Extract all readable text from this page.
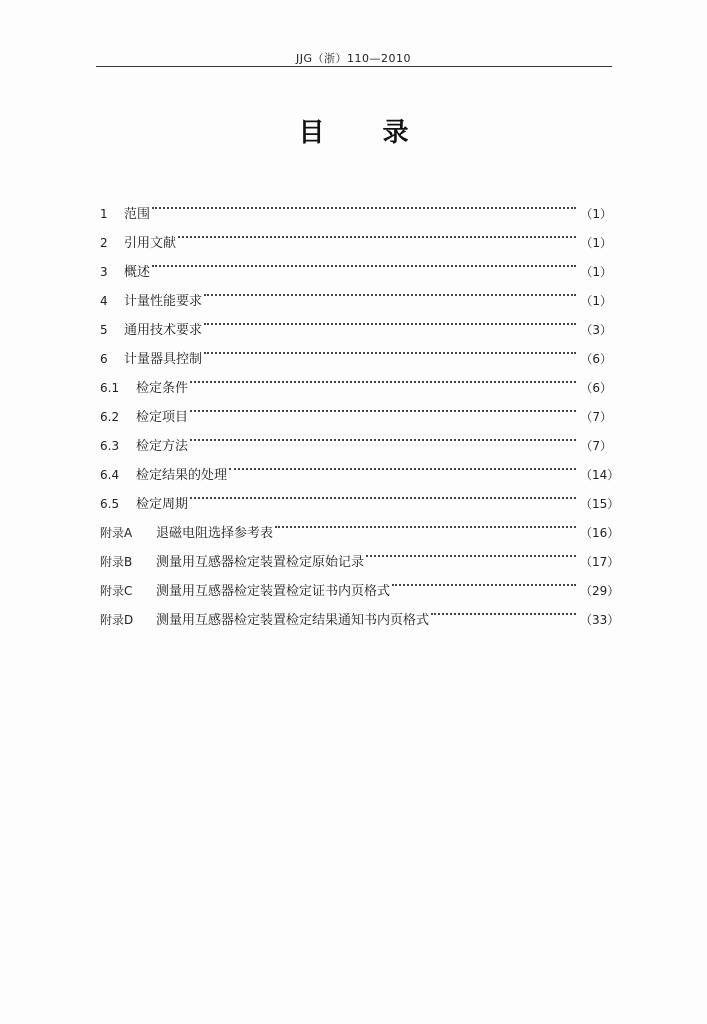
JJG（浙）110—2010
目录
1	范围	（1）
2	引用文献	（1）
3	概述	（1）
4	计量性能要求	（1）
5	通用技术要求	（3）
6	计量器具控制	（6）
6.1	检定条件	（6）
6.2	检定项目	（7）
6.3	检定方法	（7）
6.4	检定结果的处理	（14）
6.5	检定周期	（15）
附录A	退磁电阻选择参考表	（16）
附录B	测量用互感器检定装置检定原始记录	（17）
附录C	测量用互感器检定装置检定证书内页格式	（29）
附录D	测量用互感器检定装置检定结果通知书内页格式	（33）
